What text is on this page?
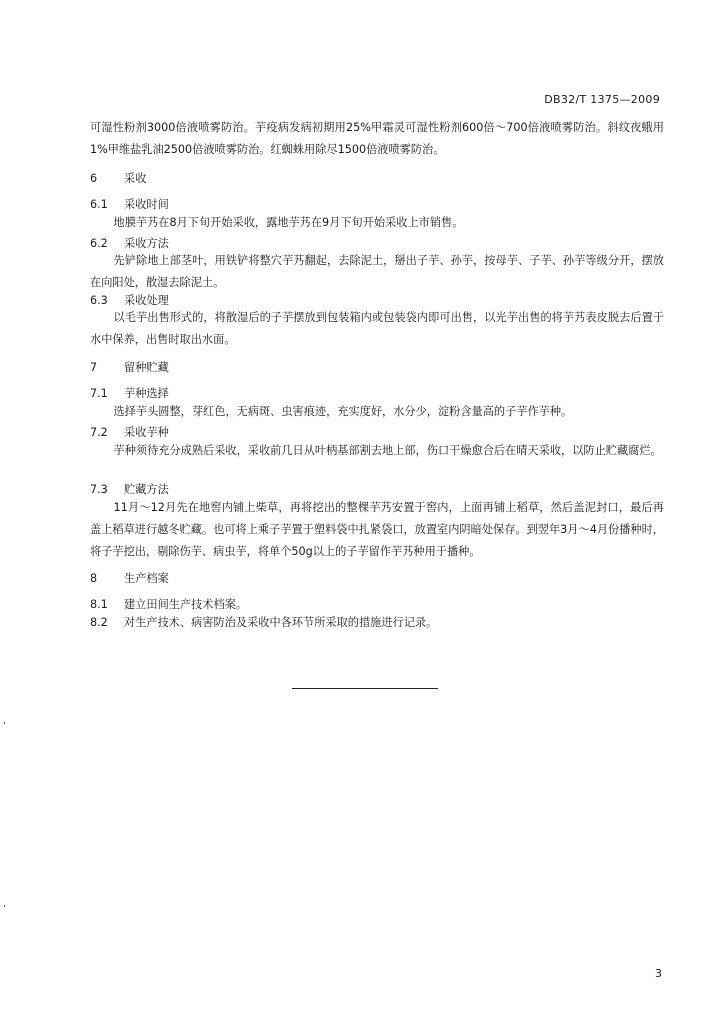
DB32/T 1375—2009
可湿性粉剂3000倍液喷雾防治。芋疫病发病初期用25%甲霜灵可湿性粉剂600倍～700倍液喷雾防治。斜纹夜蛾用1%甲维盐乳油2500倍液喷雾防治。红蜘蛛用除尽1500倍液喷雾防治。
6 采收
6.1 采收时间
地膜芋艿在8月下旬开始采收，露地芋艿在9月下旬开始采收上市销售。
6.2 采收方法
先铲除地上部茎叶，用铁铲将整穴芋艿翻起，去除泥土，掰出子芋、孙芋，按母芋、子芋、孙芋等级分开，摆放在向阳处，散湿去除泥土。
6.3 采收处理
以毛芋出售形式的，将散湿后的子芋摆放到包装箱内或包装袋内即可出售，以光芋出售的将芋艿表皮脱去后置于水中保养，出售时取出水面。
7 留种贮藏
7.1 芋种选择
选择芋头圆整，芽红色，无病斑、虫害痕迹，充实度好，水分少，淀粉含量高的子芋作芋种。
7.2 采收芋种
芋种须待充分成熟后采收，采收前几日从叶柄基部割去地上部，伤口干燥愈合后在晴天采收，以防止贮藏腐烂。
7.3 贮藏方法
11月～12月先在地窖内铺上柴草，再将挖出的整棵芋艿安置于窖内，上面再铺上稻草，然后盖泥封口，最后再盖上稻草进行越冬贮藏。也可将上乘子芋置于塑料袋中扎紧袋口，放置室内阴暗处保存。到翌年3月～4月份播种时，将子芋挖出，剔除伤芋、病虫芋，将单个50g以上的子芋留作芋艿种用于播种。
8 生产档案
8.1 建立田间生产技术档案。
8.2 对生产技术、病害防治及采收中各环节所采取的措施进行记录。
3
